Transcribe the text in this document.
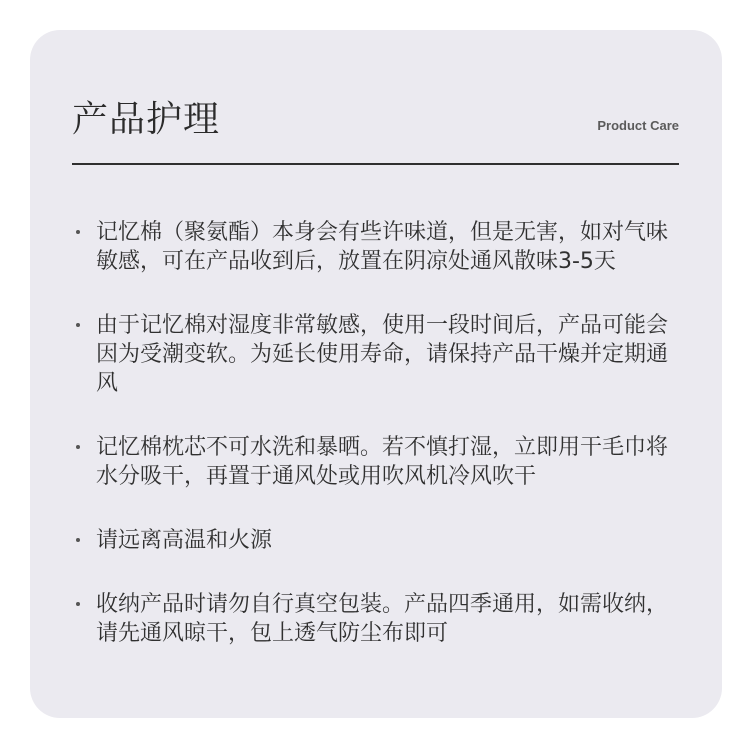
产品护理	Product Care
记忆棉（聚氨酯）本身会有些许味道，但是无害，如对气味敏感，可在产品收到后，放置在阴凉处通风散味3-5天
由于记忆棉对湿度非常敏感，使用一段时间后，产品可能会因为受潮变软。为延长使用寿命，请保持产品干燥并定期通风
记忆棉枕芯不可水洗和暴晒。若不慎打湿，立即用干毛巾将水分吸干，再置于通风处或用吹风机冷风吹干
请远离高温和火源
收纳产品时请勿自行真空包装。产品四季通用，如需收纳，请先通风晾干，包上透气防尘布即可
